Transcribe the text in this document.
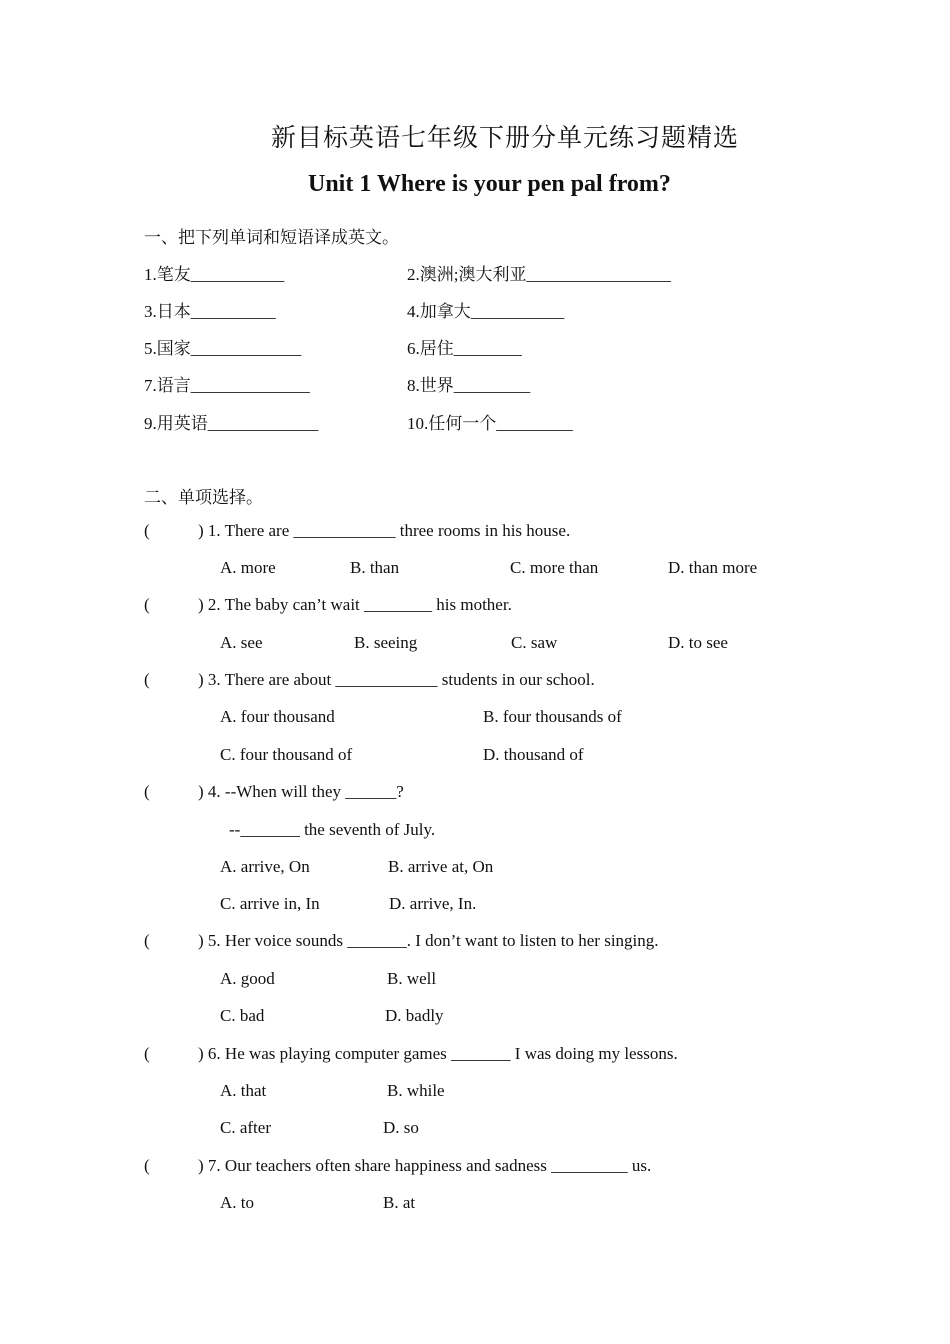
新目标英语七年级下册分单元练习题精选
Unit 1 Where is your pen pal from?
一、把下列单词和短语译成英文。
1.笔友___________	2.澳洲;澳大利亚_________________
3.日本__________	4.加拿大___________
5.国家_____________	6.居住________
7.语言______________	8.世界_________
9.用英语_____________	10.任何一个_________
二、单项选择。
(	) 1. There are ____________ three rooms in his house.
A. more	B. than	C. more than	D. than more
(	) 2. The baby can’t wait ________ his mother.
A. see	B. seeing	C. saw	D. to see
(	) 3. There are about ____________ students in our school.
A. four thousand	B. four thousands of
C. four thousand of	D. thousand of
(	) 4. --When will they ______?
--_______ the seventh of July.
A. arrive, On	B. arrive at, On
C. arrive in, In	D. arrive, In.
(	) 5. Her voice sounds _______. I don’t want to listen to her singing.
A. good	B. well
C. bad	D. badly
(	) 6. He was playing computer games _______ I was doing my lessons.
A. that	B. while
C. after	D. so
(	) 7. Our teachers often share happiness and sadness _________ us.
A. to	B. at
